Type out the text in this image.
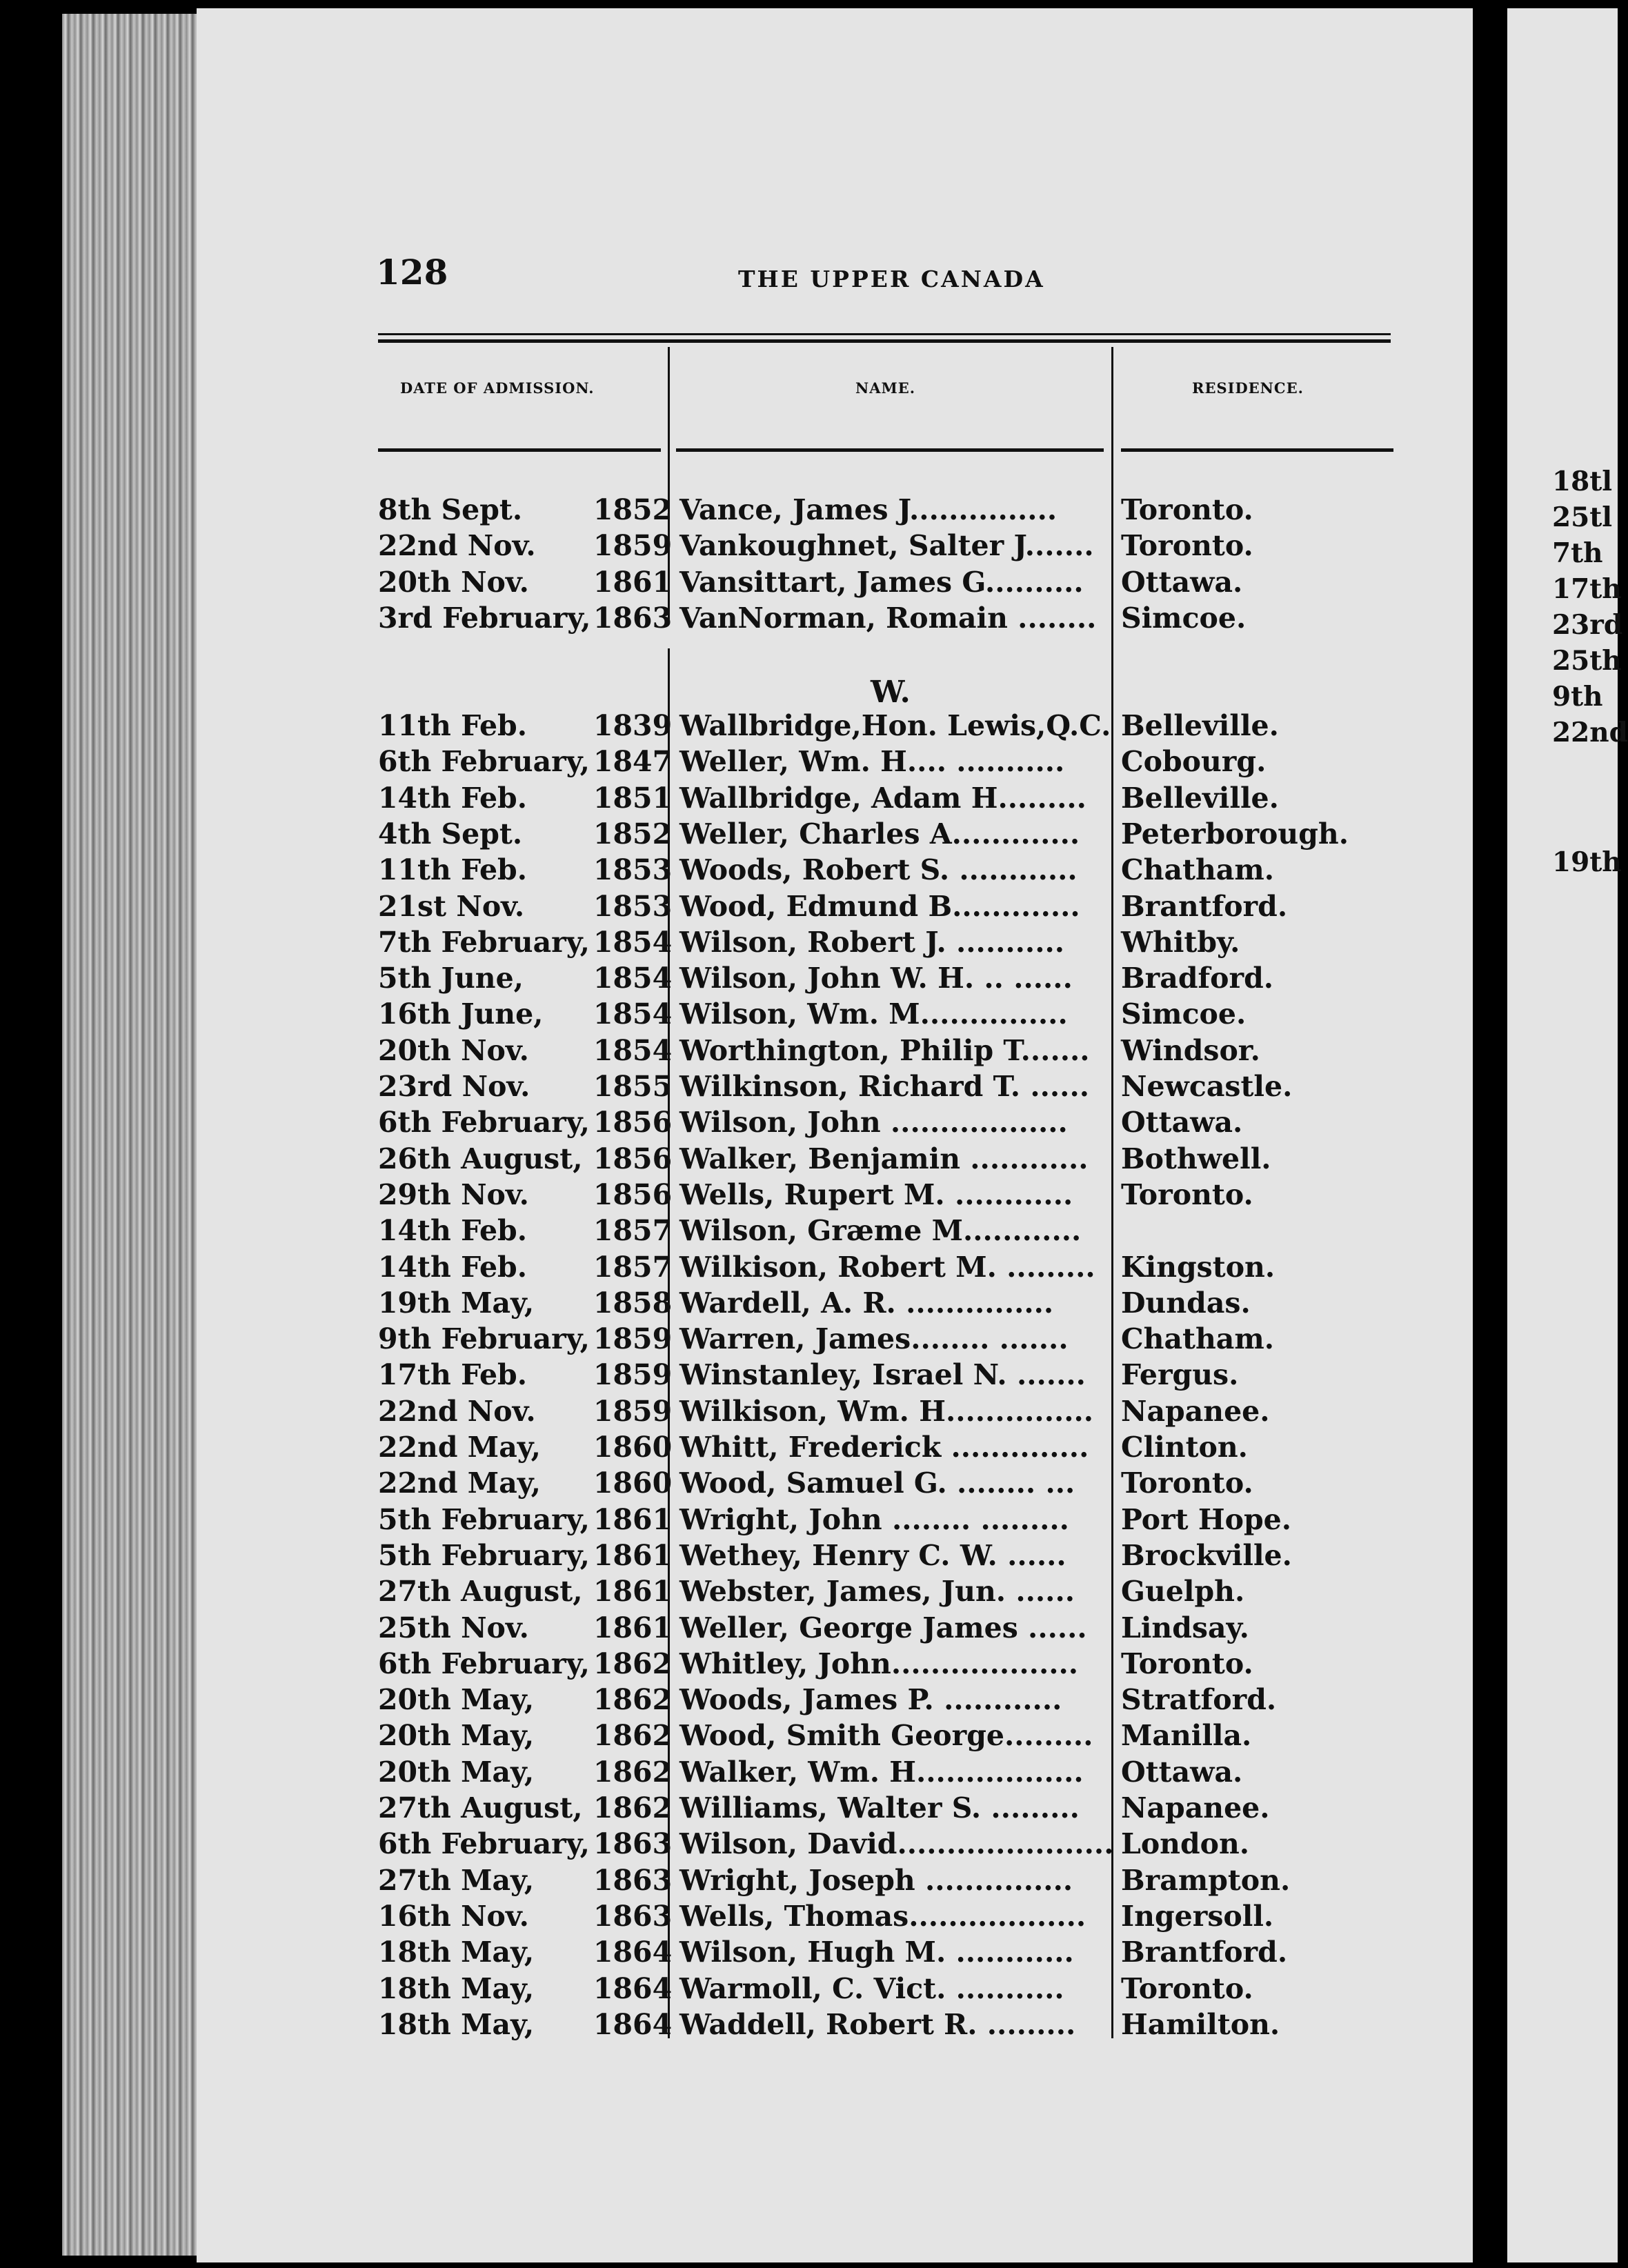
128	THE UPPER CANADA
DATE OF ADMISSION.	NAME.	RESIDENCE.
8th Sept.	1852 Vance, James J............... Toronto.
22nd Nov. 1859 Vankoughnet, Salter J....... Toronto.
20th Nov. 1861 Vansittart, James G.......... Ottawa.
3rd February, 1863 VanNorman, Romain ........ Simcoe.
W.
11th Feb. 1839 Wallbridge,Hon. Lewis,Q.C. Belleville.
6th February, 1847 Weller, Wm. H.... ........... Cobourg.
14th Feb. 1851 Wallbridge, Adam H......... Belleville.
4th Sept.	1852 Weller, Charles A............. Peterborough.
11th Feb. 1853 Woods, Robert S. ............ Chatham.
21st Nov. 1853 Wood, Edmund B............. Brantford.
7th February, 1854 Wilson, Robert J. ........... Whitby.
5th June, 1854 Wilson, John W. H. .. ...... Bradford.
16th June, 1854 Wilson, Wm. M............... Simcoe.
20th Nov. 1854 Worthington, Philip T....... Windsor.
23rd Nov. 1855 Wilkinson, Richard T. ...... Newcastle.
6th February, 1856 Wilson, John .................. Ottawa.
26th August, 1856 Walker, Benjamin ............ Bothwell.
29th Nov. 1856 Wells, Rupert M. ............ Toronto.
14th Feb. 1857 Wilson, Græme M............
14th Feb. 1857 Wilkison, Robert M. ......... Kingston.
19th May, 1858 Wardell, A. R. ............... Dundas.
9th February, 1859 Warren, James........ ....... Chatham.
17th Feb. 1859 Winstanley, Israel N. ....... Fergus.
22nd Nov. 1859 Wilkison, Wm. H............... Napanee.
22nd May, 1860 Whitt, Frederick .............. Clinton.
22nd May, 1860 Wood, Samuel G. ........ ... Toronto.
5th February, 1861 Wright, John ........ ......... Port Hope.
5th February, 1861 Wethey, Henry C. W. ...... Brockville.
27th August, 1861 Webster, James, Jun. ...... Guelph.
25th Nov. 1861 Weller, George James ...... Lindsay.
6th February, 1862 Whitley, John................... Toronto.
20th May, 1862 Woods, James P. ............ Stratford.
20th May, 1862 Wood, Smith George......... Manilla.
20th May, 1862 Walker, Wm. H................. Ottawa.
27th August, 1862 Williams, Walter S. ......... Napanee.
6th February, 1863 Wilson, David...................... London.
27th May, 1863 Wright, Joseph ............... Brampton.
16th Nov. 1863 Wells, Thomas.................. Ingersoll.
18th May, 1864 Wilson, Hugh M. ............ Brantford.
18th May, 1864 Warmoll, C. Vict. ........... Toronto.
18th May, 1864 Waddell, Robert R. ......... Hamilton.
18tl
25tl
7th
17th
23rd
25th
9th
22nd
19th
